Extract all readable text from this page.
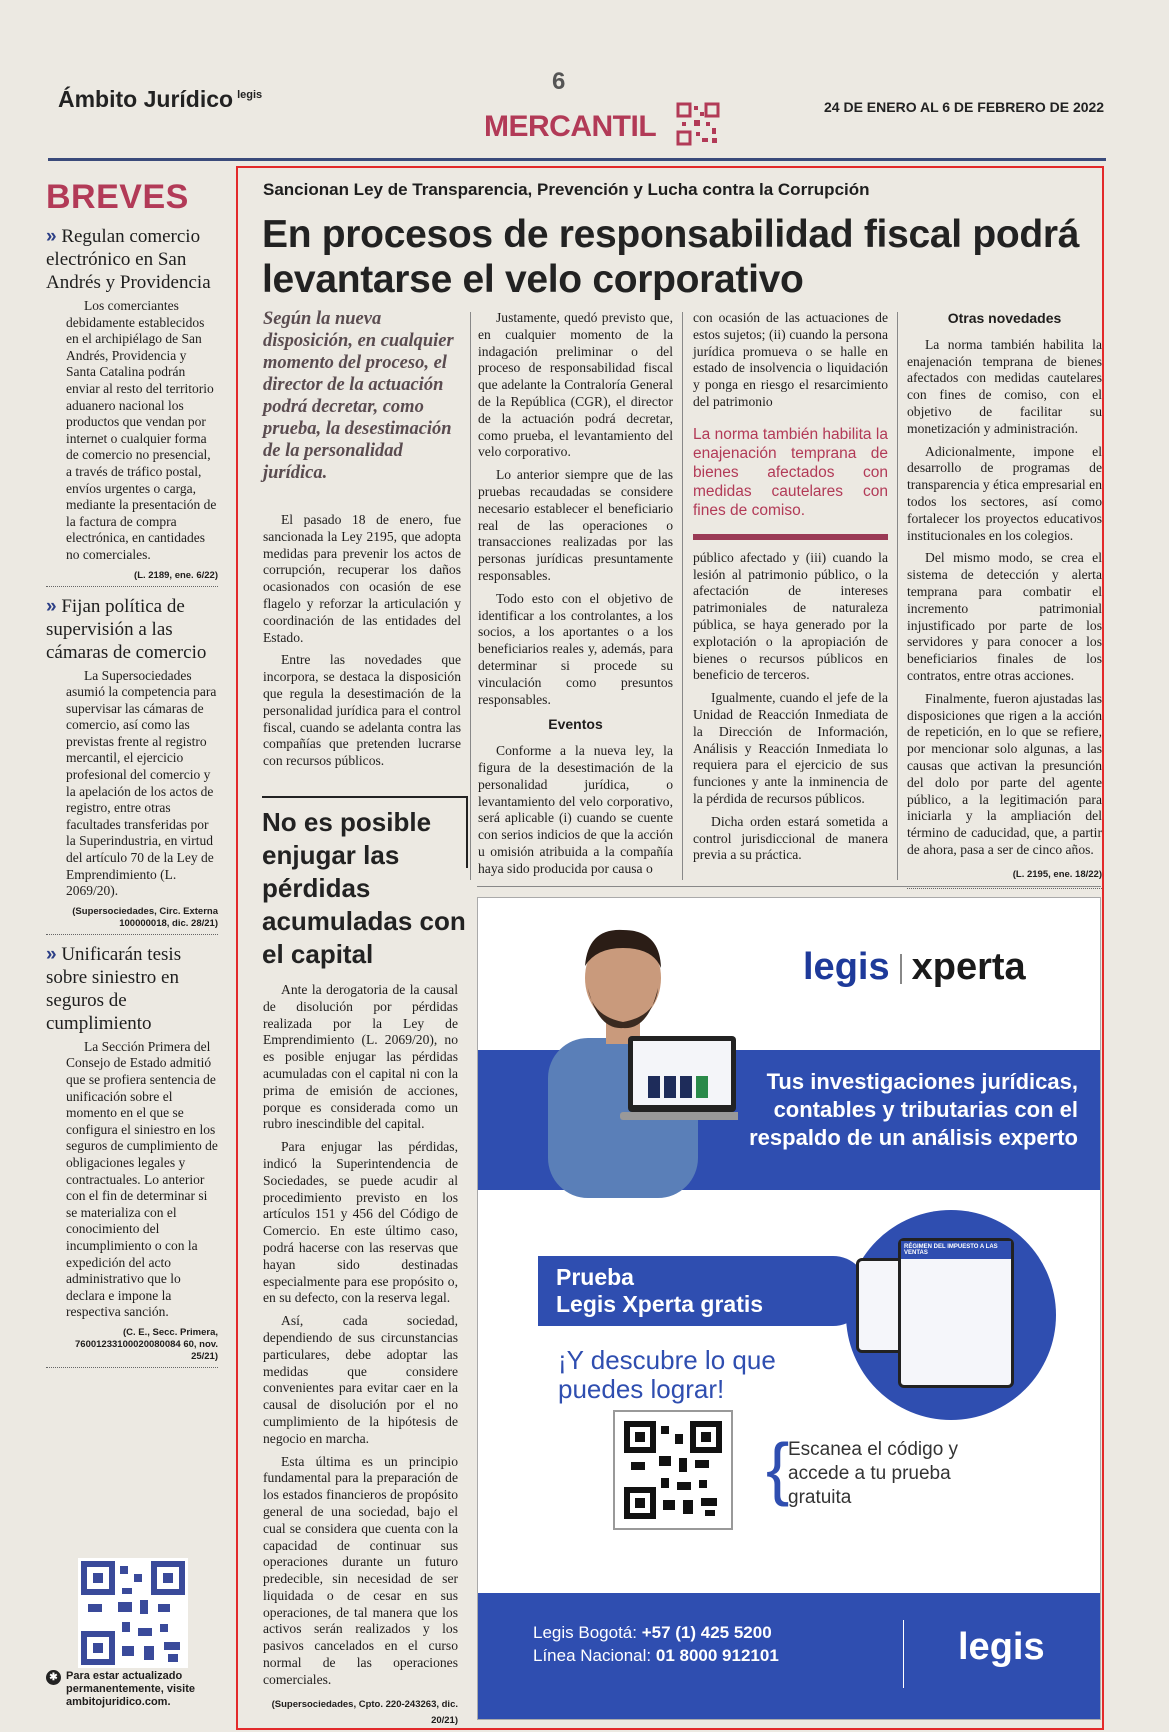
Ámbito Jurídico $^{legis}$
6
MERCANTIL
24 DE ENERO AL 6 DE FEBRERO DE 2022
BREVES
» Regulan comercio electrónico en San Andrés y Providencia
Los comerciantes debidamente establecidos en el archipiélago de San Andrés, Providencia y Santa Catalina podrán enviar al resto del territorio aduanero nacional los productos que vendan por internet o cualquier forma de comercio no presencial, a través de tráfico postal, envíos urgentes o carga, mediante la presentación de la factura de compra electrónica, en cantidades no comerciales.
(L. 2189, ene. 6/22)
» Fijan política de supervisión a las cámaras de comercio
La Supersociedades asumió la competencia para supervisar las cámaras de comercio, así como las previstas frente al registro mercantil, el ejercicio profesional del comercio y la apelación de los actos de registro, entre otras facultades transferidas por la Superindustria, en virtud del artículo 70 de la Ley de Emprendimiento (L. 2069/20).
(Supersociedades, Circ. Externa 100000018, dic. 28/21)
» Unificarán tesis sobre siniestro en seguros de cumplimiento
La Sección Primera del Consejo de Estado admitió que se profiera sentencia de unificación sobre el momento en el que se configura el siniestro en los seguros de cumplimiento de obligaciones legales y contractuales. Lo anterior con el fin de determinar si se materializa con el conocimiento del incumplimiento o con la expedición del acto administrativo que lo declara e impone la respectiva sanción.
(C. E., Secc. Primera, 76001233100020080084 60, nov. 25/21)
✱ Para estar actualizado permanentemente, visite ambitojuridico.com.
Sancionan Ley de Transparencia, Prevención y Lucha contra la Corrupción
En procesos de responsabilidad fiscal podrá levantarse el velo corporativo
Según la nueva disposición, en cualquier momento del proceso, el director de la actuación podrá decretar, como prueba, la desestimación de la personalidad jurídica.

El pasado 18 de enero, fue sancionada la Ley 2195, que adopta medidas para prevenir los actos de corrupción, recuperar los daños ocasionados con ocasión de ese flagelo y reforzar la articulación y coordinación de las entidades del Estado.

Entre las novedades que incorpora, se destaca la disposición que regula la desestimación de la personalidad jurídica para el control fiscal, cuando se adelanta contra las compañías que pretenden lucrarse con recursos públicos.

Justamente, quedó previsto que, en cualquier momento de la indagación preliminar o del proceso de responsabilidad fiscal que adelante la Contraloría General de la República (CGR), el director de la actuación podrá decretar, como prueba, el levantamiento del velo corporativo.

Lo anterior siempre que de las pruebas recaudadas se considere necesario establecer el beneficiario real de las operaciones o transacciones realizadas por las personas jurídicas presuntamente responsables.

Todo esto con el objetivo de identificar a los controlantes, a los socios, a los aportantes o a los beneficiarios reales y, además, para determinar si procede su vinculación como presuntos responsables.

Eventos

Conforme a la nueva ley, la figura de la desestimación de la personalidad jurídica, o levantamiento del velo corporativo, será aplicable (i) cuando se cuente con serios indicios de que la acción u omisión atribuida a la compañía haya sido producida por causa o

con ocasión de las actuaciones de estos sujetos; (ii) cuando la persona jurídica promueva o se halle en estado de insolvencia o liquidación y ponga en riesgo el resarcimiento del patrimonio

La norma también habilita la enajenación temprana de bienes afectados con medidas cautelares con fines de comiso.

público afectado y (iii) cuando la lesión al patrimonio público, o la afectación de intereses patrimoniales de naturaleza pública, se haya generado por la explotación o la apropiación de bienes o recursos públicos en beneficio de terceros.

Igualmente, cuando el jefe de la Unidad de Reacción Inmediata de la Dirección de Información, Análisis y Reacción Inmediata lo requiera para el ejercicio de sus funciones y ante la inminencia de la pérdida de recursos públicos.

Dicha orden estará sometida a control jurisdiccional de manera previa a su práctica.

Otras novedades

La norma también habilita la enajenación temprana de bienes afectados con medidas cautelares con fines de comiso, con el objetivo de facilitar su monetización y administración.

Adicionalmente, impone el desarrollo de programas de transparencia y ética empresarial en todos los sectores, así como fortalecer los proyectos educativos institucionales en los colegios.

Del mismo modo, se crea el sistema de detección y alerta temprana para combatir el incremento patrimonial injustificado por parte de los servidores y para conocer a los beneficiarios finales de los contratos, entre otras acciones.

Finalmente, fueron ajustadas las disposiciones que rigen a la acción de repetición, en lo que se refiere, por mencionar solo algunas, a las causas que activan la presunción del dolo por parte del agente público, a la legitimación para iniciarla y la ampliación del término de caducidad, que, a partir de ahora, pasa a ser de cinco años.

(L. 2195, ene. 18/22)
No es posible enjugar las pérdidas acumuladas con el capital

Ante la derogatoria de la causal de disolución por pérdidas realizada por la Ley de Emprendimiento (L. 2069/20), no es posible enjugar las pérdidas acumuladas con el capital ni con la prima de emisión de acciones, porque es considerada como un rubro inescindible del capital.

Para enjugar las pérdidas, indicó la Superintendencia de Sociedades, se puede acudir al procedimiento previsto en los artículos 151 y 456 del Código de Comercio. En este último caso, podrá hacerse con las reservas que hayan sido destinadas especialmente para ese propósito o, en su defecto, con la reserva legal.

Así, cada sociedad, dependiendo de sus circunstancias particulares, debe adoptar las medidas que considere convenientes para evitar caer en la causal de disolución por el no cumplimiento de la hipótesis de negocio en marcha.

Esta última es un principio fundamental para la preparación de los estados financieros de propósito general de una sociedad, bajo el cual se considera que cuenta con la capacidad de continuar sus operaciones durante un futuro predecible, sin necesidad de ser liquidada o de cesar en sus operaciones, de tal manera que los activos serán realizados y los pasivos cancelados en el curso normal de las operaciones comerciales.

(Supersociedades, Cpto. 220-243263, dic. 20/21)
legis xperta
Tus investigaciones jurídicas, contables y tributarias con el respaldo de un análisis experto
Prueba
Legis Xperta gratis
¡Y descubre lo que puedes lograr!
RÉGIMEN DEL IMPUESTO A LAS VENTAS
{
Escanea el código y accede a tu prueba gratuita
Legis Bogotá: +57 (1) 425 5200
Línea Nacional: 01 8000 912101	legis
